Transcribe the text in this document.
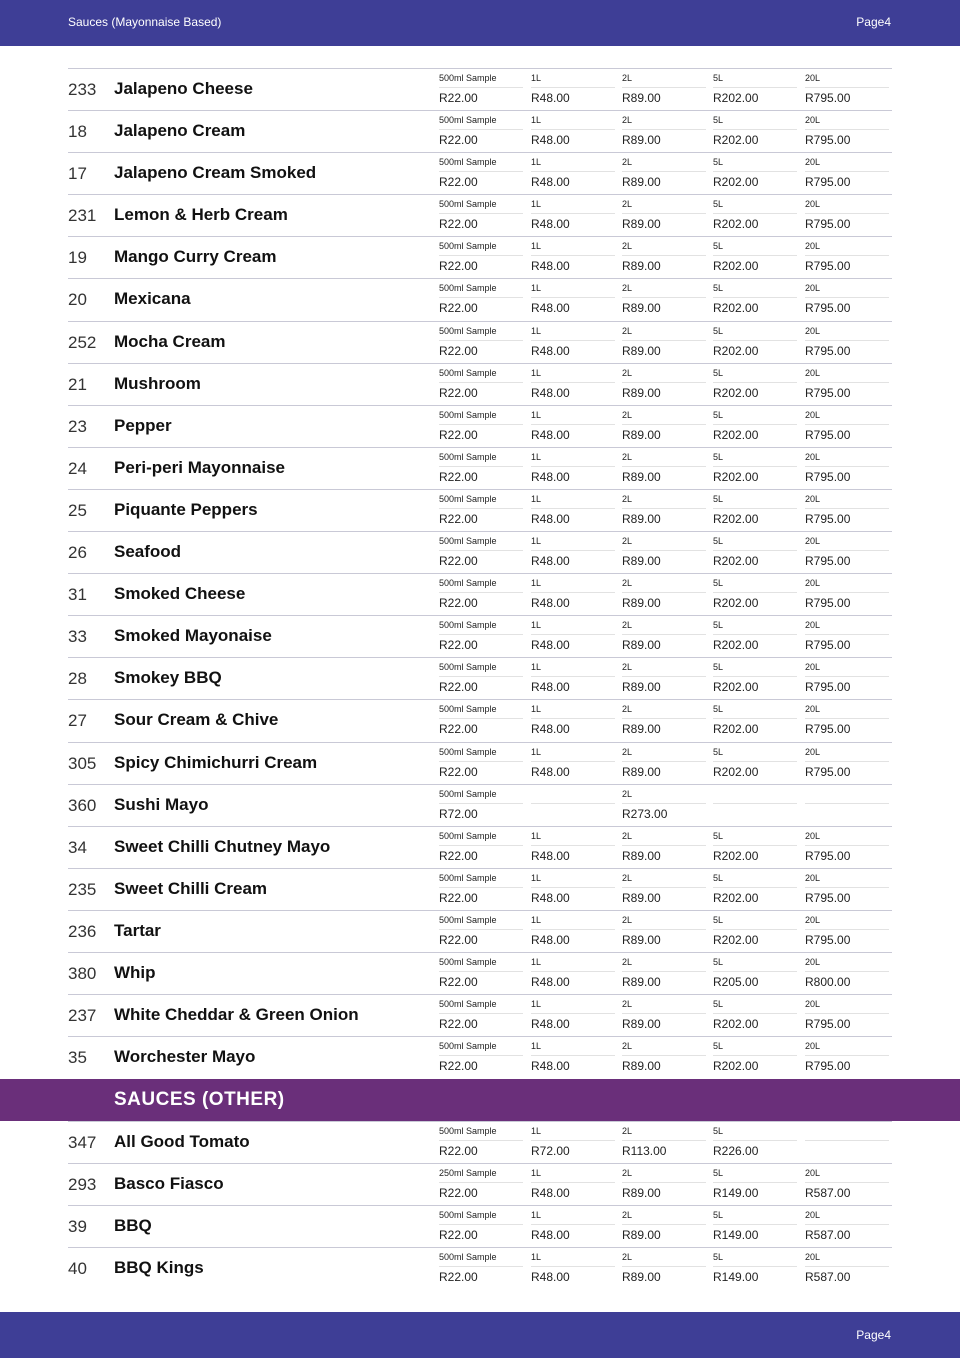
Sauces (Mayonnaise Based)	Page4
233 Jalapeno Cheese
500ml Sample
R22.00
1L
R48.00
2L
R89.00
5L
R202.00
20L
R795.00
18 Jalapeno Cream
500ml Sample
R22.00
1L
R48.00
2L
R89.00
5L
R202.00
20L
R795.00
17 Jalapeno Cream Smoked
500ml Sample
R22.00
1L
R48.00
2L
R89.00
5L
R202.00
20L
R795.00
231 Lemon & Herb Cream
500ml Sample
R22.00
1L
R48.00
2L
R89.00
5L
R202.00
20L
R795.00
19 Mango Curry Cream
500ml Sample
R22.00
1L
R48.00
2L
R89.00
5L
R202.00
20L
R795.00
20 Mexicana
500ml Sample
R22.00
1L
R48.00
2L
R89.00
5L
R202.00
20L
R795.00
252 Mocha Cream
500ml Sample
R22.00
1L
R48.00
2L
R89.00
5L
R202.00
20L
R795.00
21 Mushroom
500ml Sample
R22.00
1L
R48.00
2L
R89.00
5L
R202.00
20L
R795.00
23 Pepper
500ml Sample
R22.00
1L
R48.00
2L
R89.00
5L
R202.00
20L
R795.00
24 Peri-peri Mayonnaise
500ml Sample
R22.00
1L
R48.00
2L
R89.00
5L
R202.00
20L
R795.00
25 Piquante Peppers
500ml Sample
R22.00
1L
R48.00
2L
R89.00
5L
R202.00
20L
R795.00
26 Seafood
500ml Sample
R22.00
1L
R48.00
2L
R89.00
5L
R202.00
20L
R795.00
31 Smoked Cheese
500ml Sample
R22.00
1L
R48.00
2L
R89.00
5L
R202.00
20L
R795.00
33 Smoked Mayonaise
500ml Sample
R22.00
1L
R48.00
2L
R89.00
5L
R202.00
20L
R795.00
28 Smokey BBQ
500ml Sample
R22.00
1L
R48.00
2L
R89.00
5L
R202.00
20L
R795.00
27 Sour Cream & Chive
500ml Sample
R22.00
1L
R48.00
2L
R89.00
5L
R202.00
20L
R795.00
305 Spicy Chimichurri Cream
500ml Sample
R22.00
1L
R48.00
2L
R89.00
5L
R202.00
20L
R795.00
360 Sushi Mayo
500ml Sample
R72.00
2L
R273.00
34 Sweet Chilli Chutney Mayo
500ml Sample
R22.00
1L
R48.00
2L
R89.00
5L
R202.00
20L
R795.00
235 Sweet Chilli Cream
500ml Sample
R22.00
1L
R48.00
2L
R89.00
5L
R202.00
20L
R795.00
236 Tartar
500ml Sample
R22.00
1L
R48.00
2L
R89.00
5L
R202.00
20L
R795.00
380 Whip
500ml Sample
R22.00
1L
R48.00
2L
R89.00
5L
R205.00
20L
R800.00
237 White Cheddar & Green Onion
500ml Sample
R22.00
1L
R48.00
2L
R89.00
5L
R202.00
20L
R795.00
35 Worchester Mayo
500ml Sample
R22.00
1L
R48.00
2L
R89.00
5L
R202.00
20L
R795.00
SAUCES (OTHER)
347 All Good Tomato
500ml Sample
R22.00
1L
R72.00
2L
R113.00
5L
R226.00
293 Basco Fiasco
250ml Sample
R22.00
1L
R48.00
2L
R89.00
5L
R149.00
20L
R587.00
39 BBQ
500ml Sample
R22.00
1L
R48.00
2L
R89.00
5L
R149.00
20L
R587.00
40 BBQ Kings
500ml Sample
R22.00
1L
R48.00
2L
R89.00
5L
R149.00
20L
R587.00
Page4
